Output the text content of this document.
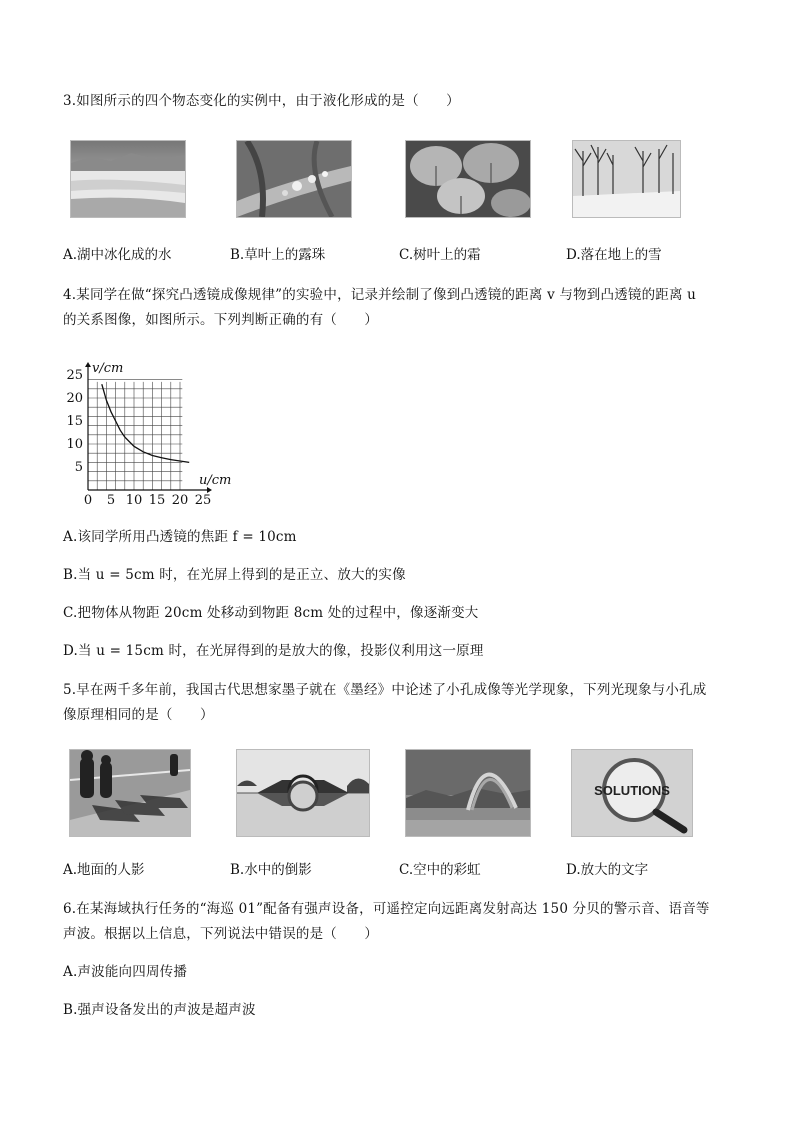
3.如图所示的四个物态变化的实例中，由于液化形成的是（　　）
A.湖中冰化成的水	B.草叶上的露珠	C.树叶上的霜	D.落在地上的雪
4.某同学在做“探究凸透镜成像规律”的实验中，记录并绘制了像到凸透镜的距离 v 与物到凸透镜的距离 u
的关系图像，如图所示。下列判断正确的有（　　）
0 5 10 15 20 25
5
10
15
20
25 v/cm
u/cm
A.该同学所用凸透镜的焦距 f = 10cm
B.当 u = 5cm 时，在光屏上得到的是正立、放大的实像
C.把物体从物距 20cm 处移动到物距 8cm 处的过程中，像逐渐变大
D.当 u = 15cm 时，在光屏得到的是放大的像，投影仪利用这一原理
5.早在两千多年前，我国古代思想家墨子就在《墨经》中论述了小孔成像等光学现象，下列光现象与小孔成
像原理相同的是（　　）
SOLUTIONS
A.地面的人影	B.水中的倒影	C.空中的彩虹	D.放大的文字
6.在某海域执行任务的“海巡 01”配备有强声设备，可遥控定向远距离发射高达 150 分贝的警示音、语音等
声波。根据以上信息，下列说法中错误的是（　　）
A.声波能向四周传播
B.强声设备发出的声波是超声波
